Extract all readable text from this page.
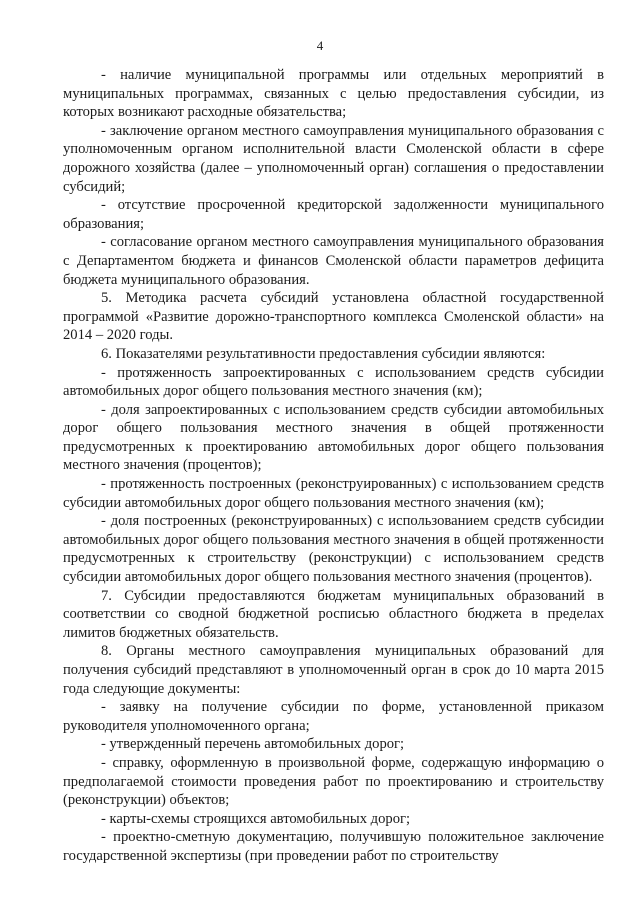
4

- наличие муниципальной программы или отдельных мероприятий в муниципальных программах, связанных с целью предоставления субсидии, из которых возникают расходные обязательства;

- заключение органом местного самоуправления муниципального образования с уполномоченным органом исполнительной власти Смоленской области в сфере дорожного хозяйства (далее – уполномоченный орган) соглашения о предоставлении субсидий;

- отсутствие просроченной кредиторской задолженности муниципального образования;

- согласование органом местного самоуправления муниципального образования с Департаментом бюджета и финансов Смоленской области параметров дефицита бюджета муниципального образования.

5. Методика расчета субсидий установлена областной государственной программой «Развитие дорожно-транспортного комплекса Смоленской области» на 2014 – 2020 годы.

6. Показателями результативности предоставления субсидии являются:

- протяженность запроектированных с использованием средств субсидии автомобильных дорог общего пользования местного значения (км);

- доля запроектированных с использованием средств субсидии автомобильных дорог общего пользования местного значения в общей протяженности предусмотренных к проектированию автомобильных дорог общего пользования местного значения (процентов);

- протяженность построенных (реконструированных) с использованием средств субсидии автомобильных дорог общего пользования местного значения (км);

- доля построенных (реконструированных) с использованием средств субсидии автомобильных дорог общего пользования местного значения в общей протяженности предусмотренных к строительству (реконструкции) с использованием средств субсидии автомобильных дорог общего пользования местного значения (процентов).

7. Субсидии предоставляются бюджетам муниципальных образований в соответствии со сводной бюджетной росписью областного бюджета в пределах лимитов бюджетных обязательств.

8. Органы местного самоуправления муниципальных образований для получения субсидий представляют в уполномоченный орган в срок до 10 марта 2015 года следующие документы:

- заявку на получение субсидии по форме, установленной приказом руководителя уполномоченного органа;

- утвержденный перечень автомобильных дорог;

- справку, оформленную в произвольной форме, содержащую информацию о предполагаемой стоимости проведения работ по проектированию и строительству (реконструкции) объектов;

- карты-схемы строящихся автомобильных дорог;

- проектно-сметную документацию, получившую положительное заключение государственной экспертизы (при проведении работ по строительству
